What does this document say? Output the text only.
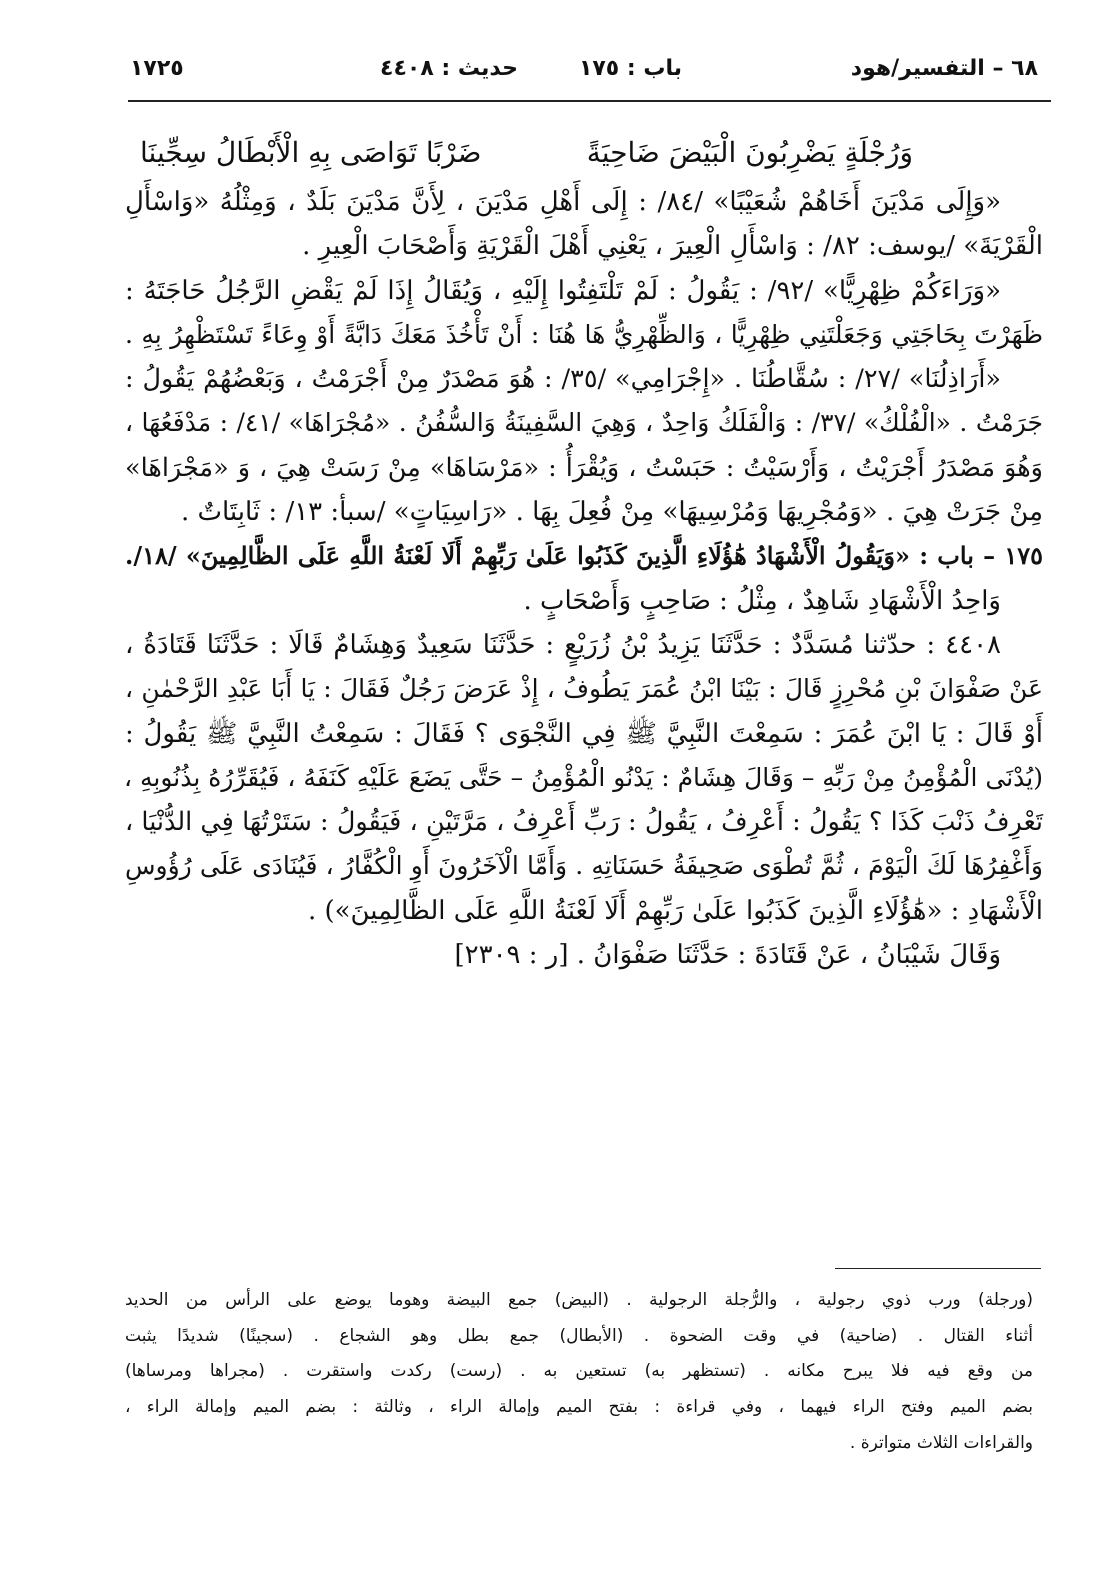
٦٨ – التفسير/هود
باب : ١٧٥
حديث : ٤٤٠٨
١٧٢٥
وَرُجْلَةٍ يَضْرِبُونَ الْبَيْضَ ضَاحِيَةً
ضَرْبًا تَوَاصَى بِهِ الْأَبْطَالُ سِجِّينَا

«وَإِلَى مَدْيَنَ أَخَاهُمْ شُعَيْبًا» /٨٤/ : إِلَى أَهْلِ مَدْيَنَ ، لِأَنَّ مَدْيَنَ بَلَدٌ ، وَمِثْلُهُ «وَاسْأَلِ

الْقَرْيَةَ» /يوسف: ٨٢/ : وَاسْأَلِ الْعِيرَ ، يَعْنِي أَهْلَ الْقَرْيَةِ وَأَصْحَابَ الْعِيرِ .

«وَرَاءَكُمْ ظِهْرِيًّا» /٩٢/ : يَقُولُ : لَمْ تَلْتَفِتُوا إِلَيْهِ ، وَيُقَالُ إِذَا لَمْ يَقْضِ الرَّجُلُ حَاجَتَهُ :

ظَهَرْتَ بِحَاجَتِي وَجَعَلْتَنِي ظِهْرِيًّا ، وَالظِّهْرِيُّ هَا هُنَا : أَنْ تَأْخُذَ مَعَكَ دَابَّةً أَوْ وِعَاءً تَسْتَظْهِرُ بِهِ .

«أَرَاذِلُنَا» /٢٧/ : سُقَّاطُنَا . «إِجْرَامِي» /٣٥/ : هُوَ مَصْدَرٌ مِنْ أَجْرَمْتُ ، وَبَعْضُهُمْ يَقُولُ :

جَرَمْتُ . «الْفُلْكُ» /٣٧/ : وَالْفَلَكُ وَاحِدٌ ، وَهِيَ السَّفِينَةُ وَالسُّفُنُ . «مُجْرَاهَا» /٤١/ : مَدْفَعُهَا ،

وَهُوَ مَصْدَرُ أَجْرَيْتُ ، وَأَرْسَيْتُ : حَبَسْتُ ، وَيُقْرَأُ : «مَرْسَاهَا» مِنْ رَسَتْ هِيَ ، وَ «مَجْرَاهَا»

مِنْ جَرَتْ هِيَ . «وَمُجْرِيهَا وَمُرْسِيهَا» مِنْ فُعِلَ بِهَا . «رَاسِيَاتٍ» /سبأ: ١٣/ : ثَابِتَاتٌ .

١٧٥ – باب : «وَيَقُولُ الْأَشْهَادُ هَٰؤُلَاءِ الَّذِينَ كَذَبُوا عَلَىٰ رَبِّهِمْ أَلَا لَعْنَةُ اللَّهِ عَلَى الظَّالِمِينَ» /١٨/.

وَاحِدُ الْأَشْهَادِ شَاهِدٌ ، مِثْلُ : صَاحِبٍ وَأَصْحَابٍ .

٤٤٠٨ : حدّثنا مُسَدَّدٌ : حَدَّثَنَا يَزِيدُ بْنُ زُرَيْعٍ : حَدَّثَنَا سَعِيدٌ وَهِشَامٌ قَالَا : حَدَّثَنَا قَتَادَةُ ،

عَنْ صَفْوَانَ بْنِ مُحْرِزٍ قَالَ : بَيْنَا ابْنُ عُمَرَ يَطُوفُ ، إِذْ عَرَضَ رَجُلٌ فَقَالَ : يَا أَبَا عَبْدِ الرَّحْمٰنِ ،

أَوْ قَالَ : يَا ابْنَ عُمَرَ : سَمِعْتَ النَّبِيَّ ﷺ فِي النَّجْوَى ؟ فَقَالَ : سَمِعْتُ النَّبِيَّ ﷺ يَقُولُ :

(يُدْنَى الْمُؤْمِنُ مِنْ رَبِّهِ – وَقَالَ هِشَامٌ : يَدْنُو الْمُؤْمِنُ – حَتَّى يَضَعَ عَلَيْهِ كَنَفَهُ ، فَيُقَرِّرُهُ بِذُنُوبِهِ ،

تَعْرِفُ ذَنْبَ كَذَا ؟ يَقُولُ : أَعْرِفُ ، يَقُولُ : رَبِّ أَعْرِفُ ، مَرَّتَيْنِ ، فَيَقُولُ : سَتَرْتُهَا فِي الدُّنْيَا ،

وَأَغْفِرُهَا لَكَ الْيَوْمَ ، ثُمَّ تُطْوَى صَحِيفَةُ حَسَنَاتِهِ . وَأَمَّا الْآخَرُونَ أَوِ الْكُفَّارُ ، فَيُنَادَى عَلَى رُؤُوسِ

الْأَشْهَادِ : «هَٰؤُلَاءِ الَّذِينَ كَذَبُوا عَلَىٰ رَبِّهِمْ أَلَا لَعْنَةُ اللَّهِ عَلَى الظَّالِمِينَ») .

وَقَالَ شَيْبَانُ ، عَنْ قَتَادَةَ : حَدَّثَنَا صَفْوَانُ . [ر : ٢٣٠٩]

(ورجلة) ورب ذوي رجولية ، والرُّجلة الرجولية . (البيض) جمع البيضة وهوما يوضع على الرأس من الحديد

أثناء القتال . (ضاحية) في وقت الضحوة . (الأبطال) جمع بطل وهو الشجاع . (سجينًا) شديدًا يثبت

من وقع فيه فلا يبرح مكانه . (تستظهر به) تستعين به . (رست) ركدت واستقرت . (مجراها ومرساها)

بضم الميم وفتح الراء فيهما ، وفي قراءة : بفتح الميم وإمالة الراء ، وثالثة : بضم الميم وإمالة الراء ،

والقراءات الثلاث متواترة .
